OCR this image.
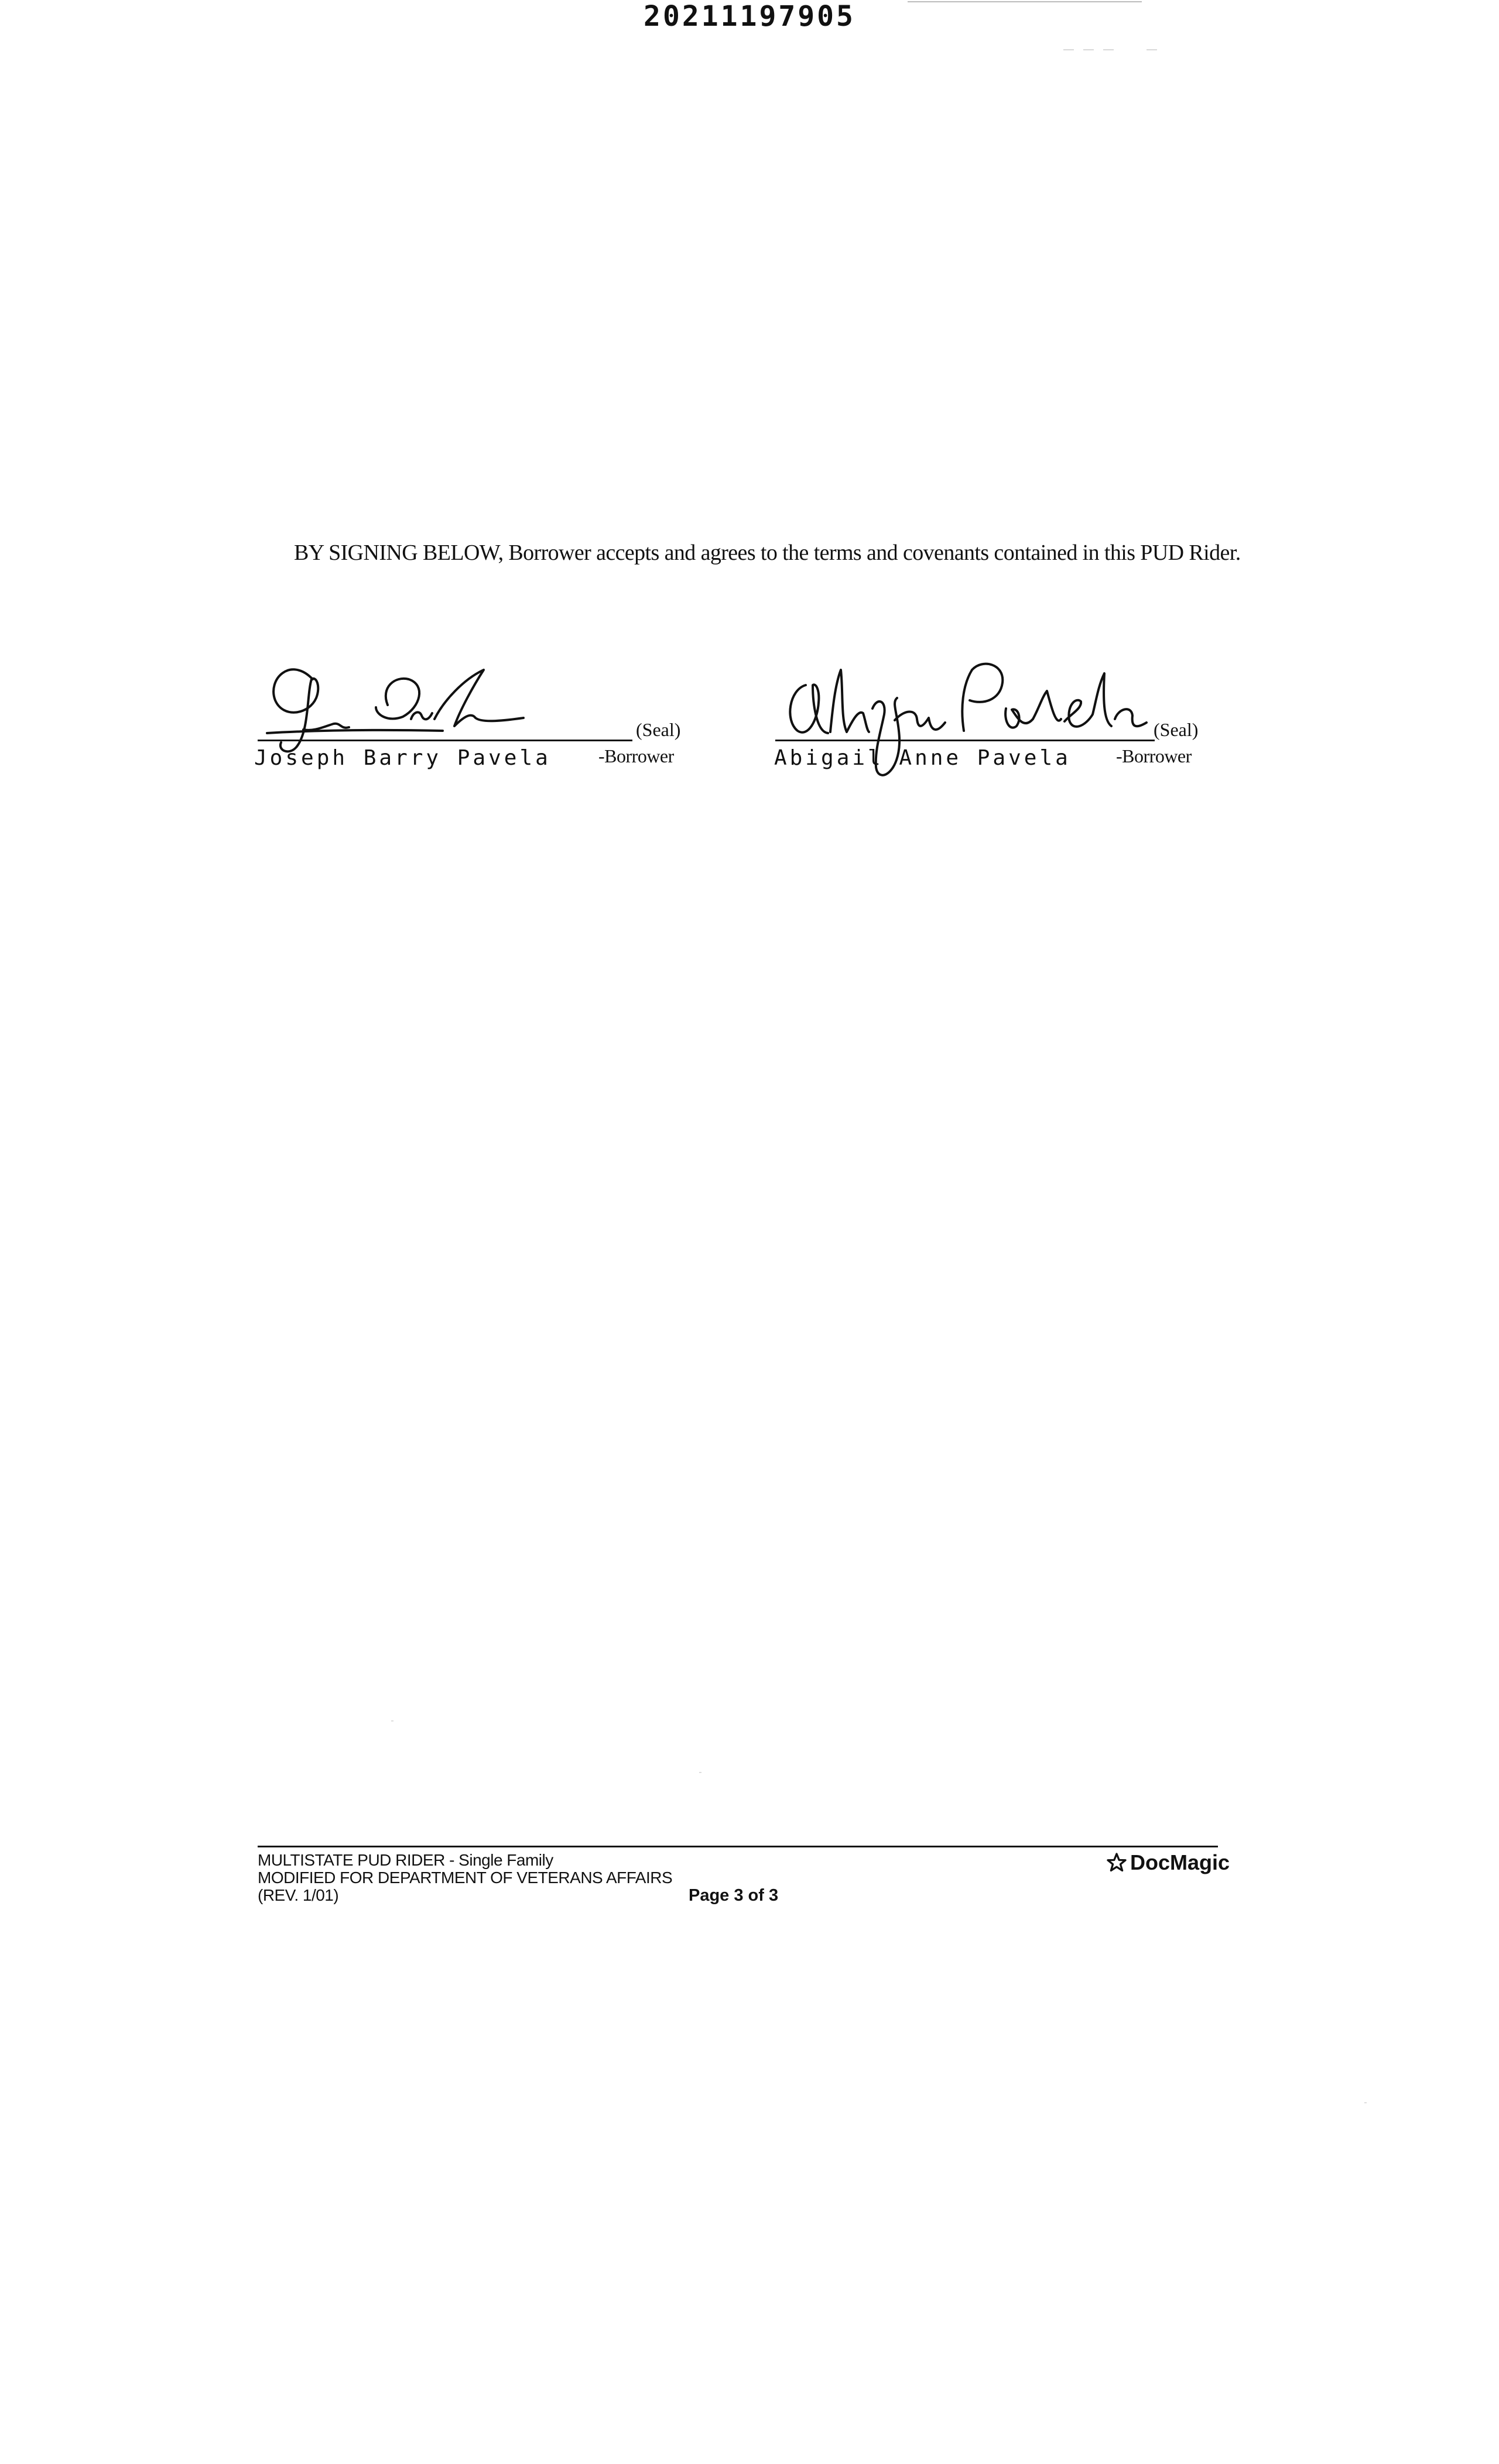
20211197905
BY SIGNING BELOW, Borrower accepts and agrees to the terms and covenants contained in this PUD Rider.
(Seal)
-Borrower
Joseph Barry Pavela
(Seal)
-Borrower
Abigail Anne Pavela
MULTISTATE PUD RIDER - Single Family
MODIFIED FOR DEPARTMENT OF VETERANS AFFAIRS
(REV. 1/01)	Page 3 of 3
DocMagic
